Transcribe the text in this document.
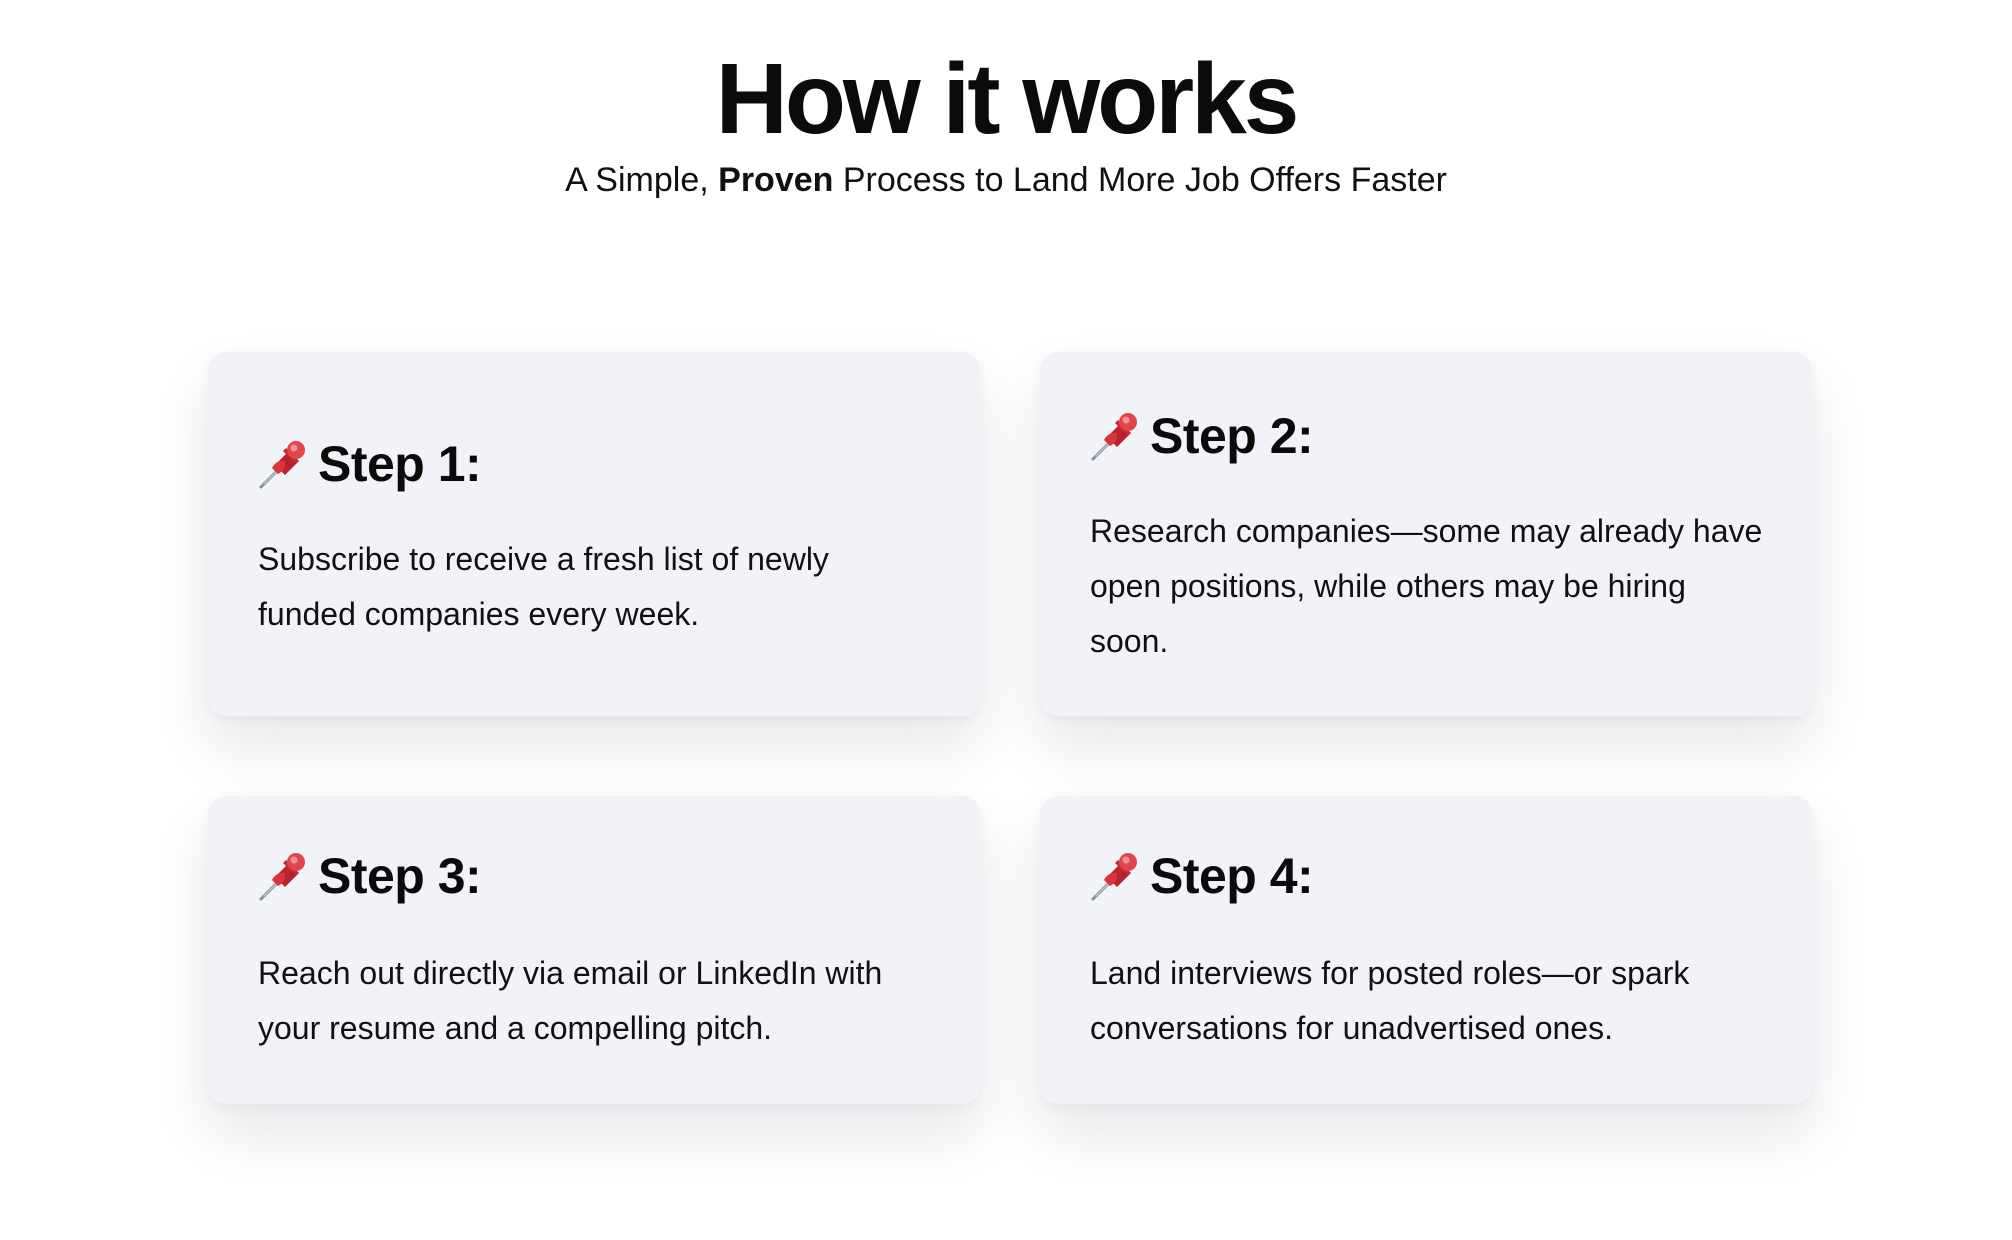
How it works

A Simple, Proven Process to Land More Job Offers Faster

Step 1:

Subscribe to receive a fresh list of newly funded companies every week.

Step 2:

Research companies—some may already have open positions, while others may be hiring soon.

Step 3:

Reach out directly via email or LinkedIn with your resume and a compelling pitch.

Step 4:

Land interviews for posted roles—or spark conversations for unadvertised ones.
